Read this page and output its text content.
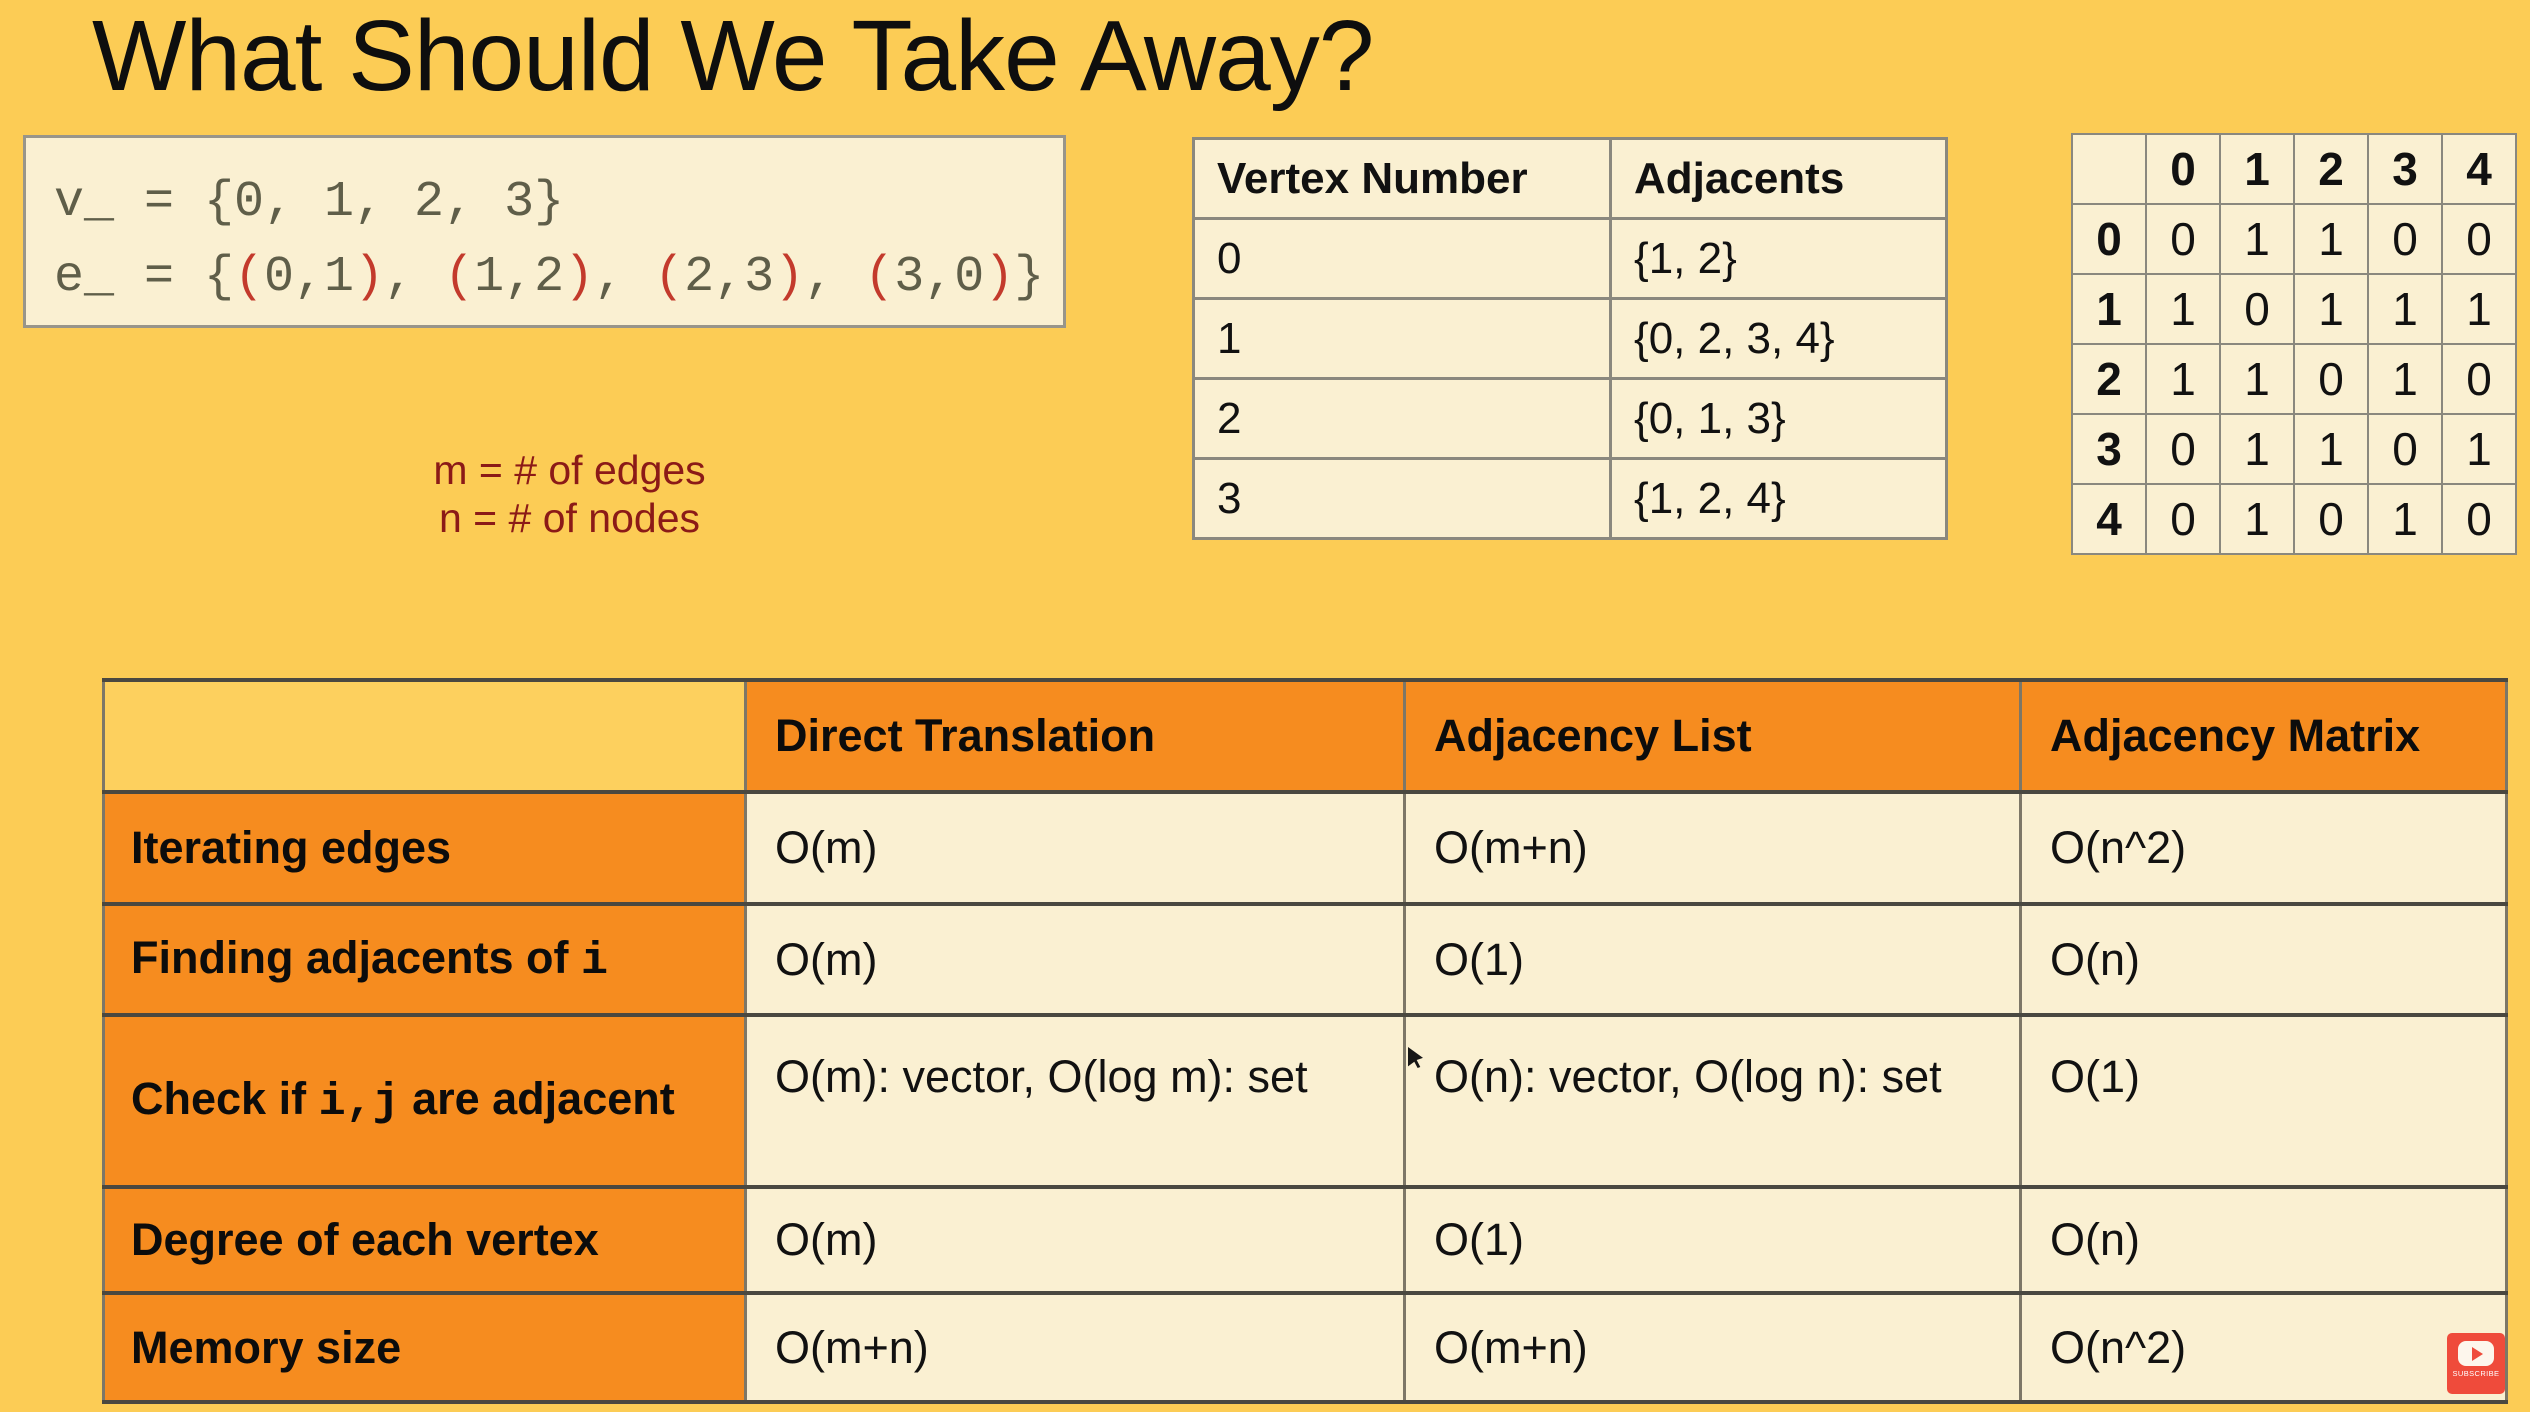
What Should We Take Away?
v_ = {0, 1, 2, 3}
e_ = {(0,1), (1,2), (2,3), (3,0)}
m = # of edges
n = # of nodes
Vertex Number	Adjacents
0	{1, 2}
1	{0, 2, 3, 4}
2	{0, 1, 3}
3	{1, 2, 4}
	0	1	2	3	4
0	0	1	1	0	0
1	1	0	1	1	1
2	1	1	0	1	0
3	0	1	1	0	1
4	0	1	0	1	0
	Direct Translation	Adjacency List	Adjacency Matrix
Iterating edges	O(m)	O(m+n)	O(n^2)
Finding adjacents of i	O(m)	O(1)	O(n)
Check if i,j are adjacent	O(m): vector, O(log m): set	O(n): vector, O(log n): set	O(1)
Degree of each vertex	O(m)	O(1)	O(n)
Memory size	O(m+n)	O(m+n)	O(n^2)
SUBSCRIBE
